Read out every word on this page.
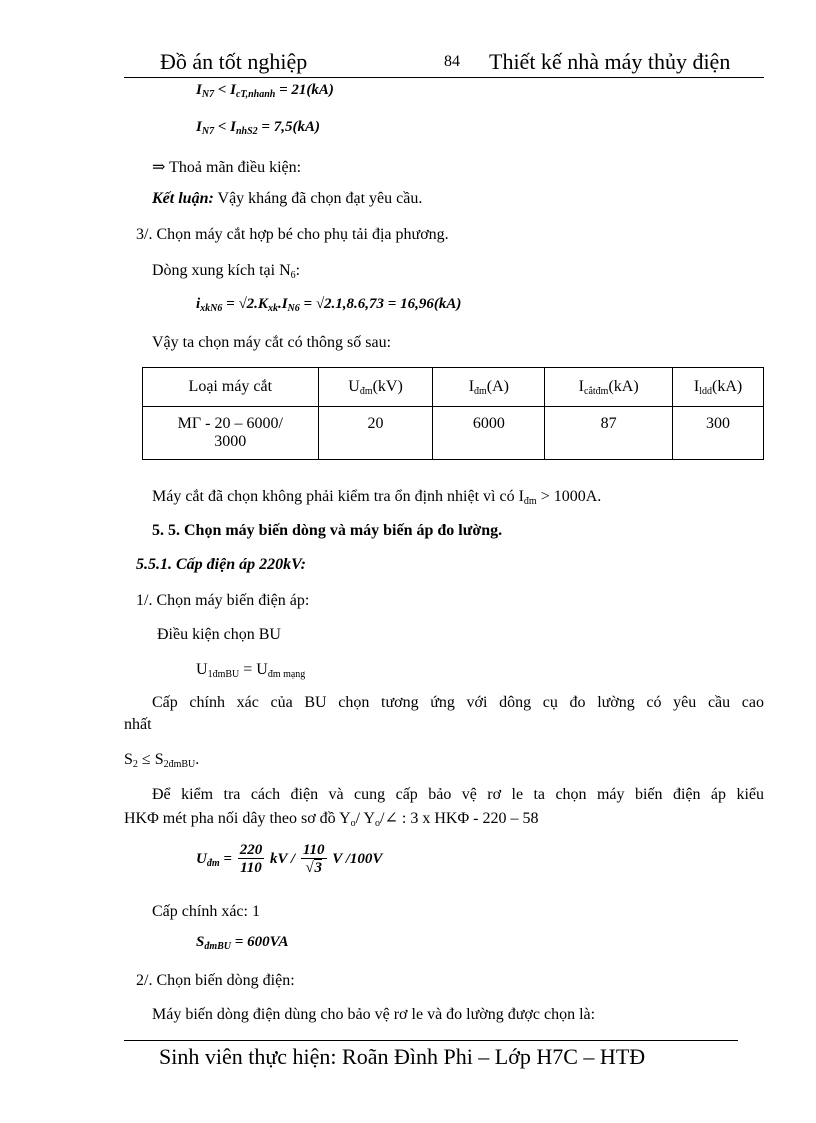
Đồ án tốt nghiệp	84 Thiết kế nhà máy thủy điện
$I_{N7} < I_{cT,nhanh} = 21(kA)$
$I_{N7} < I_{nhS2} = 7,5(kA)$
⇒ Thoả mãn điều kiện:
Kết luận: Vậy kháng đã chọn đạt yêu cầu.
3/. Chọn máy cắt hợp bé cho phụ tải địa phương.
Dòng xung kích tại $N_6$:
$i_{xkN6} = √2.K_{xk}.I_{N6} = √2.1,8.6,73 = 16,96(kA)$
Vậy ta chọn máy cắt có thông số sau:
Loại máy cắt	$U_{đm}(kV)$	$I_{đm}(A)$	$I_{cắtđm}(kA)$	$I_{ldd}(kA)$
MΓ - 20 – 6000/
3000	20	6000	87	300
Máy cắt đã chọn không phải kiểm tra ổn định nhiệt vì có $I_{đm} > 1000A$.
5. 5. Chọn máy biến dòng và máy biến áp đo lường.
5.5.1. Cấp điện áp 220kV:
1/. Chọn máy biến điện áp:
Điều kiện chọn BU
$U_{1đmBU} = U_{đm mạng}$
Cấp chính xác của BU chọn tương ứng với dông cụ đo lường có yêu cầu cao
nhất
$S_2 \le S_{2đmBU}$.
Để kiểm tra cách điện và cung cấp bảo vệ rơ le ta chọn máy biến điện áp kiểu
HKΦ mét pha nối dây theo sơ đồ $Y_o/$ $Y_o/\angle$ : 3 x HKΦ - 220 – 58
$U_{đm} = \frac{220}{110}$ kV / $\frac{110}{√3}$ V /100V
Cấp chính xác: 1
$S_{đmBU} = 600VA$
2/. Chọn biến dòng điện:
Máy biến dòng điện dùng cho bảo vệ rơ le và đo lường được chọn là:
Sinh viên thực hiện: Roãn Đình Phi – Lớp H7C – HTĐ
